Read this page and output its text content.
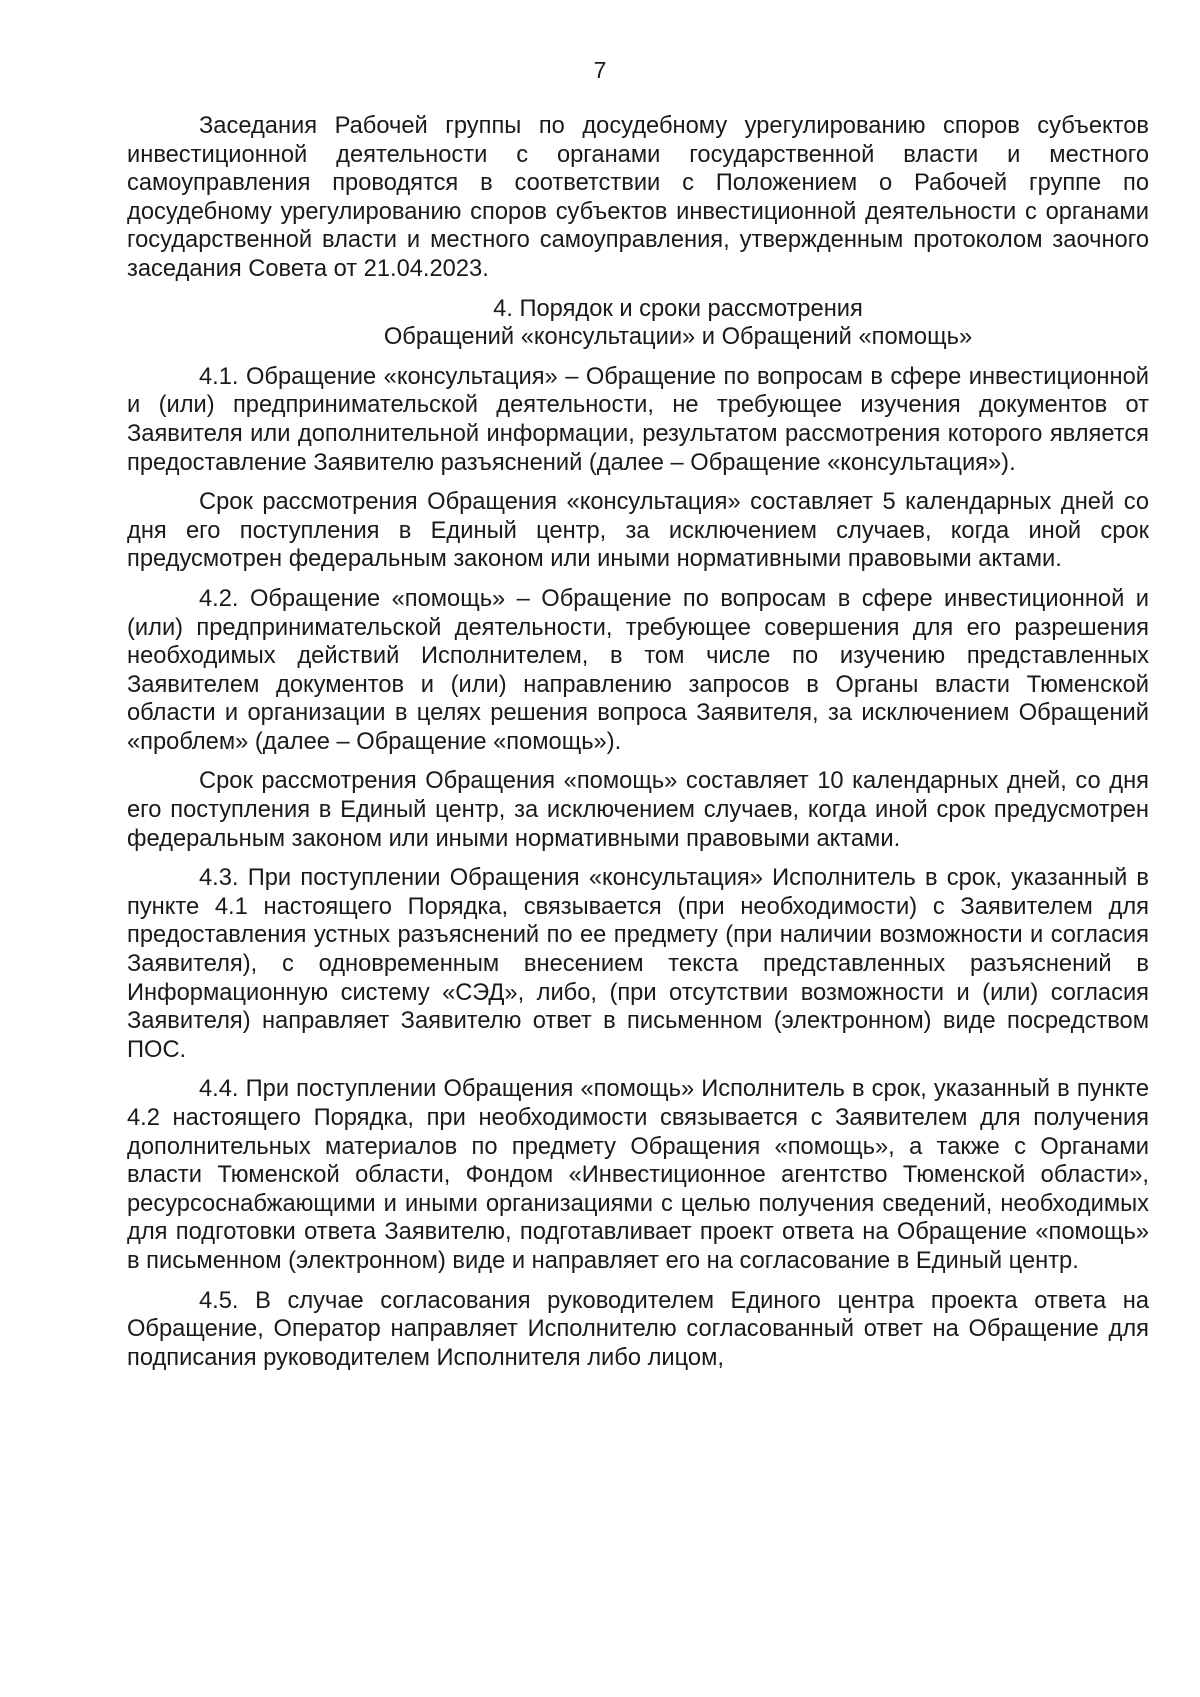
7

Заседания Рабочей группы по досудебному урегулированию споров субъектов инвестиционной деятельности с органами государственной власти и местного самоуправления проводятся в соответствии с Положением о Рабочей группе по досудебному урегулированию споров субъектов инвестиционной деятельности с органами государственной власти и местного самоуправления, утвержденным протоколом заочного заседания Совета от 21.04.2023.

4. Порядок и сроки рассмотрения
Обращений «консультации» и Обращений «помощь»

4.1. Обращение «консультация» – Обращение по вопросам в сфере инвестиционной и (или) предпринимательской деятельности, не требующее изучения документов от Заявителя или дополнительной информации, результатом рассмотрения которого является предоставление Заявителю разъяснений (далее – Обращение «консультация»).

Срок рассмотрения Обращения «консультация» составляет 5 календарных дней со дня его поступления в Единый центр, за исключением случаев, когда иной срок предусмотрен федеральным законом или иными нормативными правовыми актами.

4.2. Обращение «помощь» – Обращение по вопросам в сфере инвестиционной и (или) предпринимательской деятельности, требующее совершения для его разрешения необходимых действий Исполнителем, в том числе по изучению представленных Заявителем документов и (или) направлению запросов в Органы власти Тюменской области и организации в целях решения вопроса Заявителя, за исключением Обращений «проблем» (далее – Обращение «помощь»).

Срок рассмотрения Обращения «помощь» составляет 10 календарных дней, со дня его поступления в Единый центр, за исключением случаев, когда иной срок предусмотрен федеральным законом или иными нормативными правовыми актами.

4.3. При поступлении Обращения «консультация» Исполнитель в срок, указанный в пункте 4.1 настоящего Порядка, связывается (при необходимости) с Заявителем для предоставления устных разъяснений по ее предмету (при наличии возможности и согласия Заявителя), с одновременным внесением текста представленных разъяснений в Информационную систему «СЭД», либо, (при отсутствии возможности и (или) согласия Заявителя) направляет Заявителю ответ в письменном (электронном) виде посредством ПОС.

4.4. При поступлении Обращения «помощь» Исполнитель в срок, указанный в пункте 4.2 настоящего Порядка, при необходимости связывается с Заявителем для получения дополнительных материалов по предмету Обращения «помощь», а также с Органами власти Тюменской области, Фондом «Инвестиционное агентство Тюменской области», ресурсоснабжающими и иными организациями с целью получения сведений, необходимых для подготовки ответа Заявителю, подготавливает проект ответа на Обращение «помощь» в письменном (электронном) виде и направляет его на согласование в Единый центр.

4.5. В случае согласования руководителем Единого центра проекта ответа на Обращение, Оператор направляет Исполнителю согласованный ответ на Обращение для подписания руководителем Исполнителя либо лицом,
